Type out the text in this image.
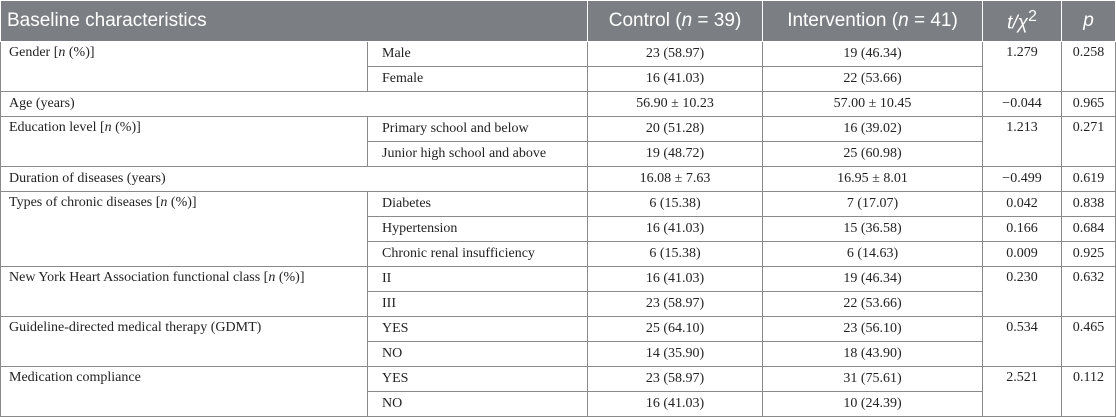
Baseline characteristics		Control (n = 39)	Intervention (n = 41)	$t/\chi^2$	p
Gender [n (%)]	Male	23 (58.97)	19 (46.34)	1.279	0.258
	Female	16 (41.03)	22 (53.66)		
Age (years)		56.90 ± 10.23	57.00 ± 10.45	−0.044	0.965
Education level [n (%)]	Primary school and below	20 (51.28)	16 (39.02)	1.213	0.271
	Junior high school and above	19 (48.72)	25 (60.98)		
Duration of diseases (years)		16.08 ± 7.63	16.95 ± 8.01	−0.499	0.619
Types of chronic diseases [n (%)]	Diabetes	6 (15.38)	7 (17.07)	0.042	0.838
	Hypertension	16 (41.03)	15 (36.58)	0.166	0.684
	Chronic renal insufficiency	6 (15.38)	6 (14.63)	0.009	0.925
New York Heart Association functional class [n (%)]	II	16 (41.03)	19 (46.34)	0.230	0.632
	III	23 (58.97)	22 (53.66)		
Guideline-directed medical therapy (GDMT)	YES	25 (64.10)	23 (56.10)	0.534	0.465
	NO	14 (35.90)	18 (43.90)		
Medication compliance	YES	23 (58.97)	31 (75.61)	2.521	0.112
	NO	16 (41.03)	10 (24.39)		
